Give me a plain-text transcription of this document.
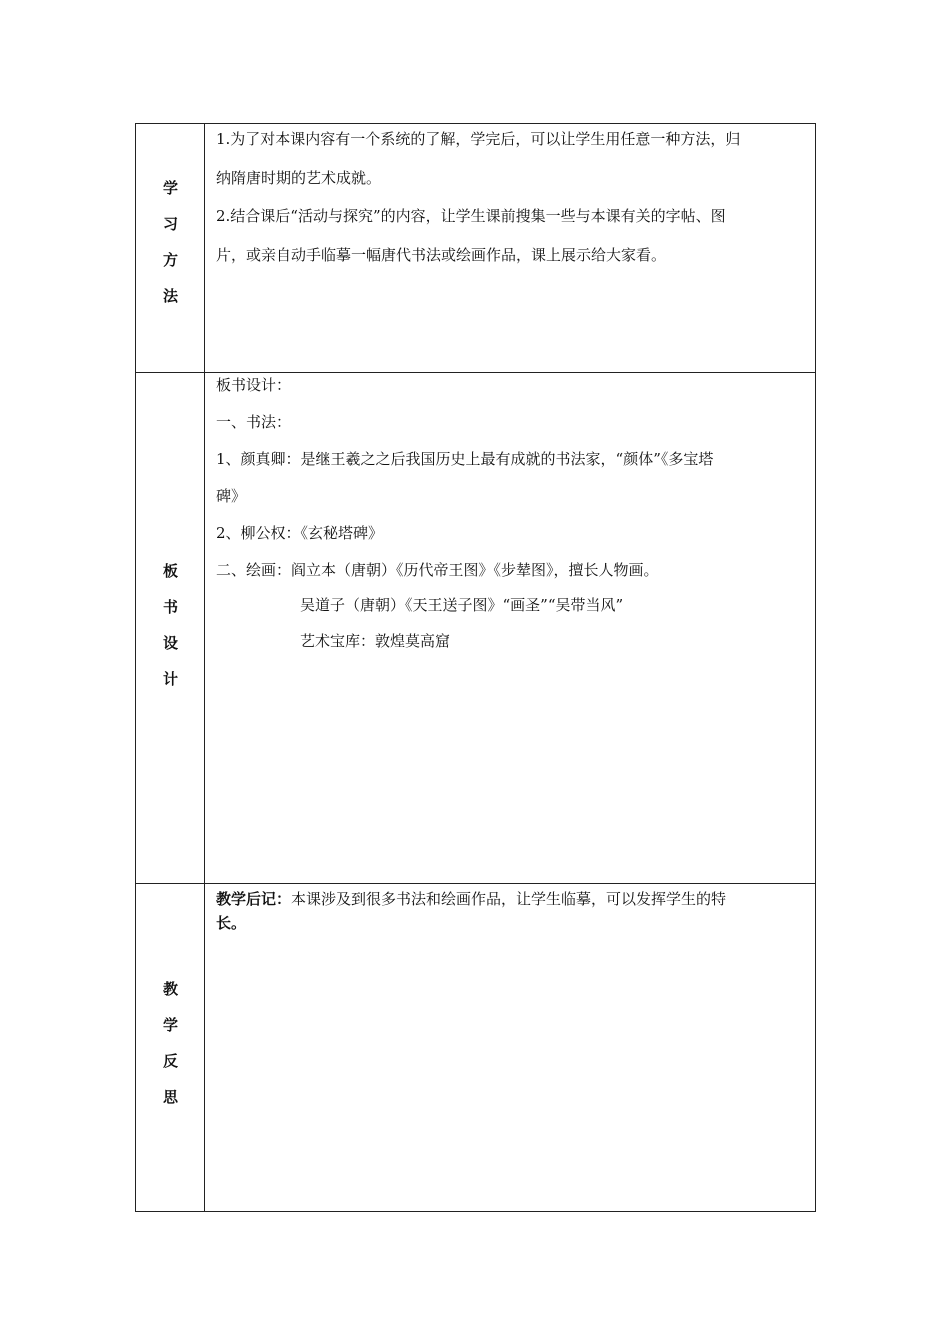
学
习
方
法
1.为了对本课内容有一个系统的了解，学完后，可以让学生用任意一种方法，归
纳隋唐时期的艺术成就。
2.结合课后“活动与探究”的内容，让学生课前搜集一些与本课有关的字帖、图
片，或亲自动手临摹一幅唐代书法或绘画作品，课上展示给大家看。
板
书
设
计
板书设计：
一、书法：
1、颜真卿：是继王羲之之后我国历史上最有成就的书法家，“颜体”《多宝塔
碑》
2、柳公权：《玄秘塔碑》
二、绘画：阎立本（唐朝）《历代帝王图》《步辇图》，擅长人物画。
吴道子（唐朝）《天王送子图》“画圣”“吴带当风”
艺术宝库：敦煌莫高窟
教
学
反
思
教学后记：本课涉及到很多书法和绘画作品，让学生临摹，可以发挥学生的特
长。
